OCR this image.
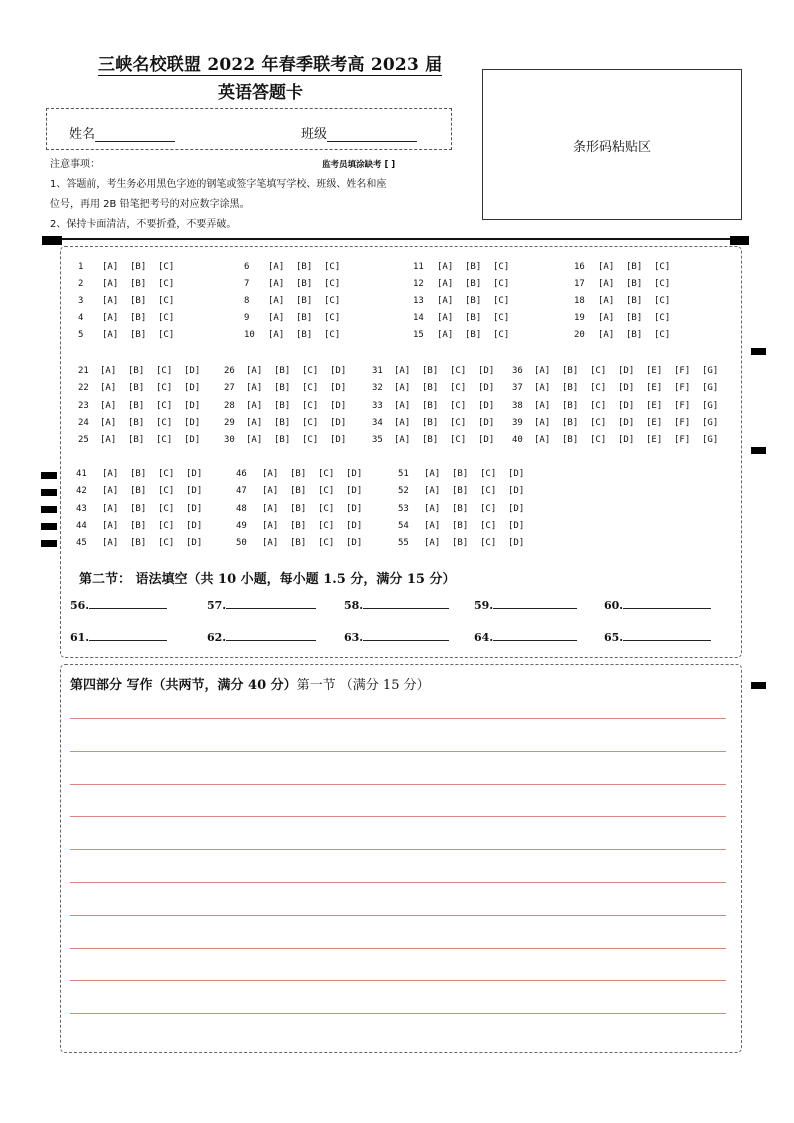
三峡名校联盟 2022 年春季联考高 2023 届
英语答题卡
姓名	班级
条形码粘贴区
注意事项：	监考员填涂缺考 [ ]
1、答题前，考生务必用黑色字迹的钢笔或签字笔填写学校、班级、姓名和座
位号，再用 2B 铅笔把考号的对应数字涂黑。
2、保持卡面清洁，不要折叠，不要弄破。
1 [A] [B] [C]
2 [A] [B] [C]
3 [A] [B] [C]
4 [A] [B] [C]
5 [A] [B] [C]
6 [A] [B] [C]
7 [A] [B] [C]
8 [A] [B] [C]
9 [A] [B] [C]
10 [A] [B] [C]
11 [A] [B] [C]
12 [A] [B] [C]
13 [A] [B] [C]
14 [A] [B] [C]
15 [A] [B] [C]
16 [A] [B] [C]
17 [A] [B] [C]
18 [A] [B] [C]
19 [A] [B] [C]
20 [A] [B] [C]
21 [A] [B] [C] [D]
22 [A] [B] [C] [D]
23 [A] [B] [C] [D]
24 [A] [B] [C] [D]
25 [A] [B] [C] [D]
26 [A] [B] [C] [D]
27 [A] [B] [C] [D]
28 [A] [B] [C] [D]
29 [A] [B] [C] [D]
30 [A] [B] [C] [D]
31 [A] [B] [C] [D]
32 [A] [B] [C] [D]
33 [A] [B] [C] [D]
34 [A] [B] [C] [D]
35 [A] [B] [C] [D]
36 [A] [B] [C] [D] [E] [F] [G]
37 [A] [B] [C] [D] [E] [F] [G]
38 [A] [B] [C] [D] [E] [F] [G]
39 [A] [B] [C] [D] [E] [F] [G]
40 [A] [B] [C] [D] [E] [F] [G]
41 [A] [B] [C] [D]
42 [A] [B] [C] [D]
43 [A] [B] [C] [D]
44 [A] [B] [C] [D]
45 [A] [B] [C] [D]
46 [A] [B] [C] [D]
47 [A] [B] [C] [D]
48 [A] [B] [C] [D]
49 [A] [B] [C] [D]
50 [A] [B] [C] [D]
51 [A] [B] [C] [D]
52 [A] [B] [C] [D]
53 [A] [B] [C] [D]
54 [A] [B] [C] [D]
55 [A] [B] [C] [D]
第二节： 语法填空（共 10 小题，每小题 1.5 分，满分 15 分）
56.	57.	58.	59.	60.
61.	62.	63.	64.	65.
第四部分 写作（共两节，满分 40 分）第一节 （满分 15 分）
